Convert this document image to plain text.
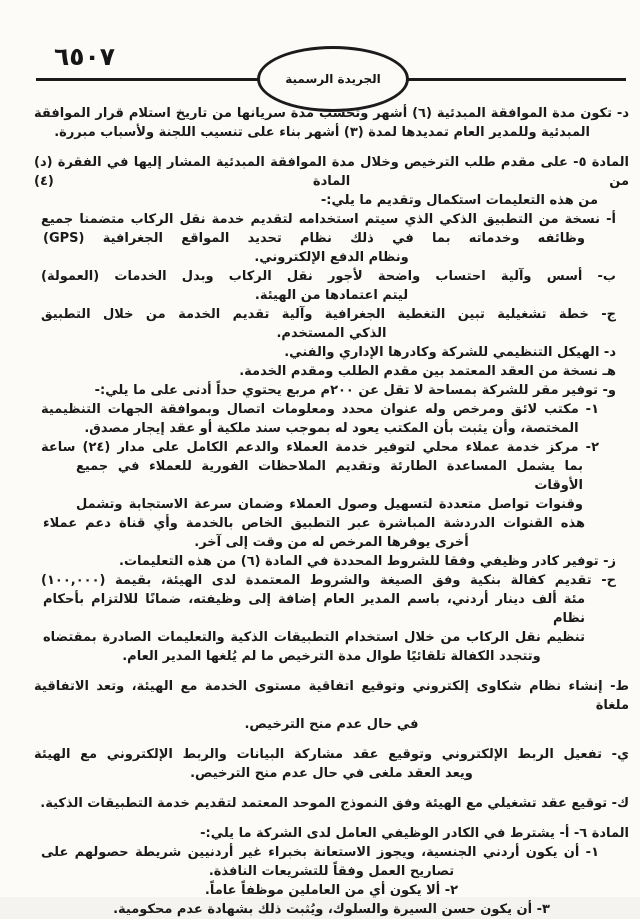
٦٥٠٧
الجريدة الرسمية
د- تكون مدة الموافقة المبدئية (٦) أشهر وتحسب مدة سريانها من تاريخ استلام قرار الموافقة
المبدئية وللمدير العام تمديدها لمدة (٣) أشهر بناء على تنسيب اللجنة ولأسباب مبررة.
المادة ٥- على مقدم طلب الترخيص وخلال مدة الموافقة المبدئية المشار إليها في الفقرة (د) من المادة (٤)
من هذه التعليمات استكمال وتقديم ما يلي:-
أ- نسخة من التطبيق الذكي الذي سيتم استخدامه لتقديم خدمة نقل الركاب متضمنا جميع
وظائفه وخدماته بما في ذلك نظام تحديد المواقع الجغرافية (GPS)
ونظام الدفع الإلكتروني.
ب- أسس وآلية احتساب واضحة لأجور نقل الركاب وبدل الخدمات (العمولة)
ليتم اعتمادها من الهيئة.
ج- خطة تشغيلية تبين التغطية الجغرافية وآلية تقديم الخدمة من خلال التطبيق
الذكي المستخدم.
د- الهيكل التنظيمي للشركة وكادرها الإداري والفني.
هـ نسخة من العقد المعتمد بين مقدم الطلب ومقدم الخدمة.
و- توفير مقر للشركة بمساحة لا تقل عن ٢٠٠م مربع يحتوي حداً أدنى على ما يلي:-
١- مكتب لائق ومرخص وله عنوان محدد ومعلومات اتصال وبموافقة الجهات التنظيمية
المختصة، وأن يثبت بأن المكتب يعود له بموجب سند ملكية أو عقد إيجار مصدق.
٢- مركز خدمة عملاء محلي لتوفير خدمة العملاء والدعم الكامل على مدار (٢٤) ساعة
بما يشمل المساعدة الطارئة وتقديم الملاحظات الفورية للعملاء في جميع الأوقات
وقنوات تواصل متعددة لتسهيل وصول العملاء وضمان سرعة الاستجابة وتشمل
هذه القنوات الدردشة المباشرة عبر التطبيق الخاص بالخدمة وأي قناة دعم عملاء
أخرى يوفرها المرخص له من وقت إلى آخر.
ز- توفير كادر وظيفي وفقا للشروط المحددة في المادة (٦) من هذه التعليمات.
ح- تقديم كفالة بنكية وفق الصيغة والشروط المعتمدة لدى الهيئة، بقيمة (١٠٠,٠٠٠)
مئة ألف دينار أردني، باسم المدير العام إضافة إلى وظيفته، ضمانًا للالتزام بأحكام نظام
تنظيم نقل الركاب من خلال استخدام التطبيقات الذكية والتعليمات الصادرة بمقتضاه
وتتجدد الكفالة تلقائيًا طوال مدة الترخيص ما لم يُلغها المدير العام.
ط- إنشاء نظام شكاوى إلكتروني وتوقيع اتفاقية مستوى الخدمة مع الهيئة، وتعد الاتفاقية ملغاة
في حال عدم منح الترخيص.
ي- تفعيل الربط الإلكتروني وتوقيع عقد مشاركة البيانات والربط الإلكتروني مع الهيئة
ويعد العقد ملغى في حال عدم منح الترخيص.
ك- توقيع عقد تشغيلي مع الهيئة وفق النموذج الموحد المعتمد لتقديم خدمة التطبيقات الذكية.
المادة ٦- أ- يشترط في الكادر الوظيفي العامل لدى الشركة ما يلي:-
١- أن يكون أردني الجنسية، ويجوز الاستعانة بخبراء غير أردنيين شريطة حصولهم على
تصاريح العمل وفقاً للتشريعات النافذة.
٢- ألا يكون أي من العاملين موظفاً عاماً.
٣- أن يكون حسن السيرة والسلوك، ويُثبت ذلك بشهادة عدم محكومية.
